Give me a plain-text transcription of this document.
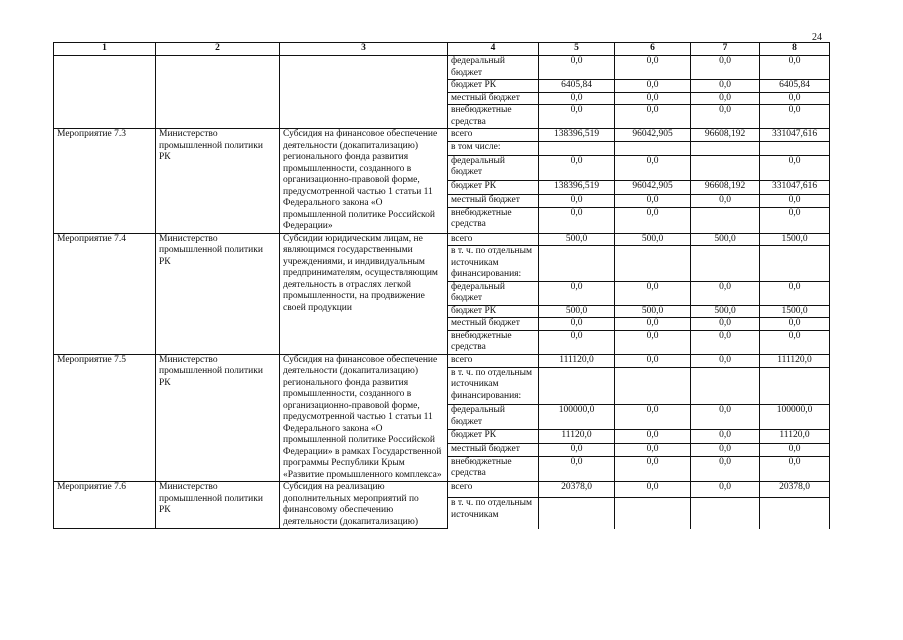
24
1	2	3	4	5	6	7	8
			федеральный бюджет	0,0	0,0	0,0	0,0
			бюджет РК	6405,84	0,0	0,0	6405,84
			местный бюджет	0,0	0,0	0,0	0,0
			внебюджетные средства	0,0	0,0	0,0	0,0
Мероприятие 7.3	Министерство промышленной политики РК	Субсидия на финансовое обеспечение деятельности (докапитализацию) регионального фонда развития промышленности, созданного в организационно-правовой форме, предусмотренной частью 1 статьи 11 Федерального закона «О промышленной политике Российской Федерации»	всего	138396,519	96042,905	96608,192	331047,616
			в том числе:				
			федеральный бюджет	0,0	0,0		0,0
			бюджет РК	138396,519	96042,905	96608,192	331047,616
			местный бюджет	0,0	0,0	0,0	0,0
			внебюджетные средства	0,0	0,0		0,0
Мероприятие 7.4	Министерство промышленной политики РК	Субсидии юридическим лицам, не являющимся государственными учреждениями, и индивидуальным предпринимателям, осуществляющим деятельность в отраслях легкой промышленности, на продвижение своей продукции	всего	500,0	500,0	500,0	1500,0
			в т. ч. по отдельным источникам финансирования:				
			федеральный бюджет	0,0	0,0	0,0	0,0
			бюджет РК	500,0	500,0	500,0	1500,0
			местный бюджет	0,0	0,0	0,0	0,0
			внебюджетные средства	0,0	0,0	0,0	0,0
Мероприятие 7.5	Министерство промышленной политики РК	Субсидия на финансовое обеспечение деятельности (докапитализацию) регионального фонда развития промышленности, созданного в организационно-правовой форме, предусмотренной частью 1 статьи 11 Федерального закона «О промышленной политике Российской Федерации» в рамках Государственной программы Республики Крым «Развитие промышленного комплекса»	всего	111120,0	0,0	0,0	111120,0
			в т. ч. по отдельным источникам финансирования:				
			федеральный бюджет	100000,0	0,0	0,0	100000,0
			бюджет РК	11120,0	0,0	0,0	11120,0
			местный бюджет	0,0	0,0	0,0	0,0
			внебюджетные средства	0,0	0,0	0,0	0,0
Мероприятие 7.6	Министерство промышленной политики РК	Субсидия на реализацию дополнительных мероприятий по финансовому обеспечению деятельности (докапитализацию)	всего	20378,0	0,0	0,0	20378,0
			в т. ч. по отдельным источникам				
